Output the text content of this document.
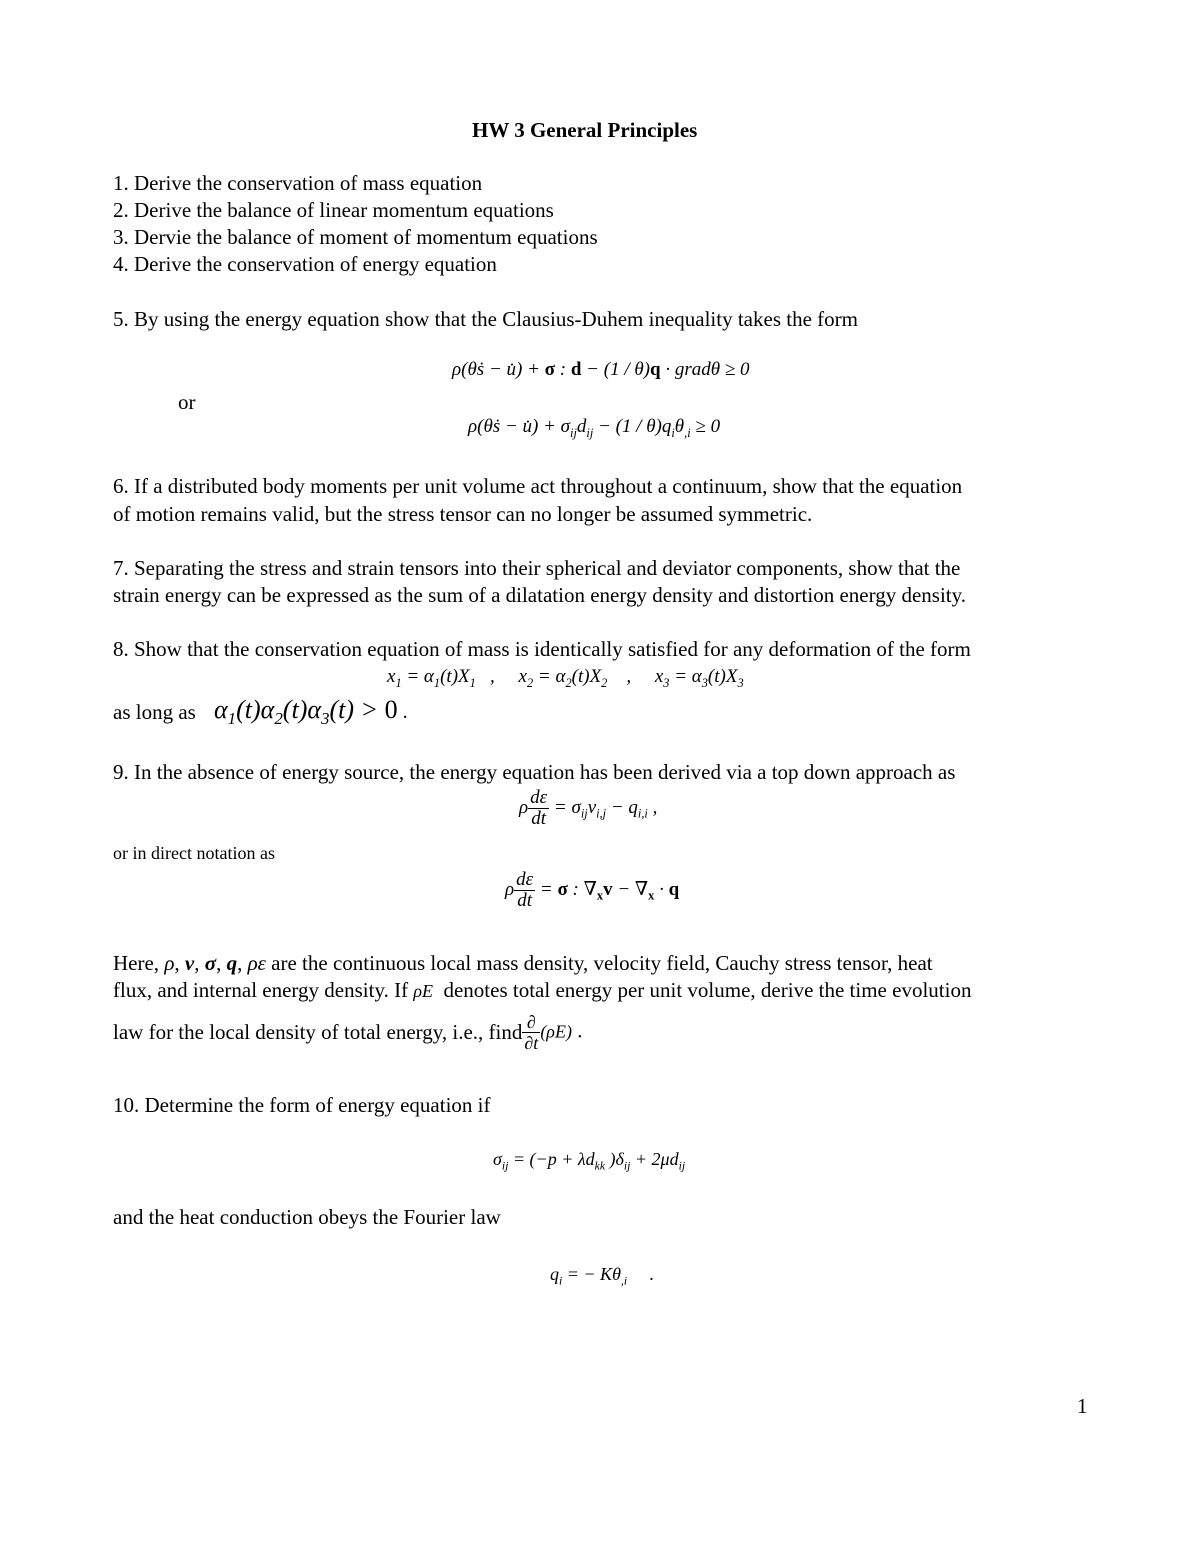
HW 3 General Principles
1. Derive the conservation of mass equation
2. Derive the balance of linear momentum equations
3. Dervie the balance of moment of momentum equations
4. Derive the conservation of energy equation
5. By using the energy equation show that the Clausius-Duhem inequality takes the form
ρ(θṡ − u̇) + σ : d − (1 / θ)q · gradθ ≥ 0
or
ρ(θṡ − u̇) + $\sigma_{ij}d_{ij} - (1 / \theta)q_i\theta_{,i} \ge 0$
6. If a distributed body moments per unit volume act throughout a continuum, show that the equation
of motion remains valid, but the stress tensor can no longer be assumed symmetric.
7. Separating the stress and strain tensors into their spherical and deviator components, show that the
strain energy can be expressed as the sum of a dilatation energy density and distortion energy density.
8. Show that the conservation equation of mass is identically satisfied for any deformation of the form
$x_1 = \alpha_1(t)X_1$   ,     $x_2 = \alpha_2(t)X_2$    ,     $x_3 = \alpha_3(t)X_3$
as long as $\alpha_1(t)\alpha_2(t)\alpha_3(t) > 0$ .
9. In the absence of energy source, the energy equation has been derived via a top down approach as
ρ $\frac{d\varepsilon}{dt} = \sigma_{ij}v_{i,j} - q_{i,i}$ ,
or in direct notation as
ρ $\frac{d\varepsilon}{dt} = \sigma$ : $\nabla_xv - \nabla_x \cdot q$
Here, ρ, v, σ, q, ρε are the continuous local mass density, velocity field, Cauchy stress tensor, heat
flux, and internal energy density. If ρE denotes total energy per unit volume, derive the time evolution
law for the local density of total energy, i.e., find $\frac{\partial}{\partial t} (\rho E)$ .
10. Determine the form of energy equation if
$\sigma_{ij} = (-p + \lambda d_{kk}$ )$\delta_{ij} + 2\mu d_{ij}$
and the heat conduction obeys the Fourier law
$q_i$ = − $K\theta_{,i}$     .
1
